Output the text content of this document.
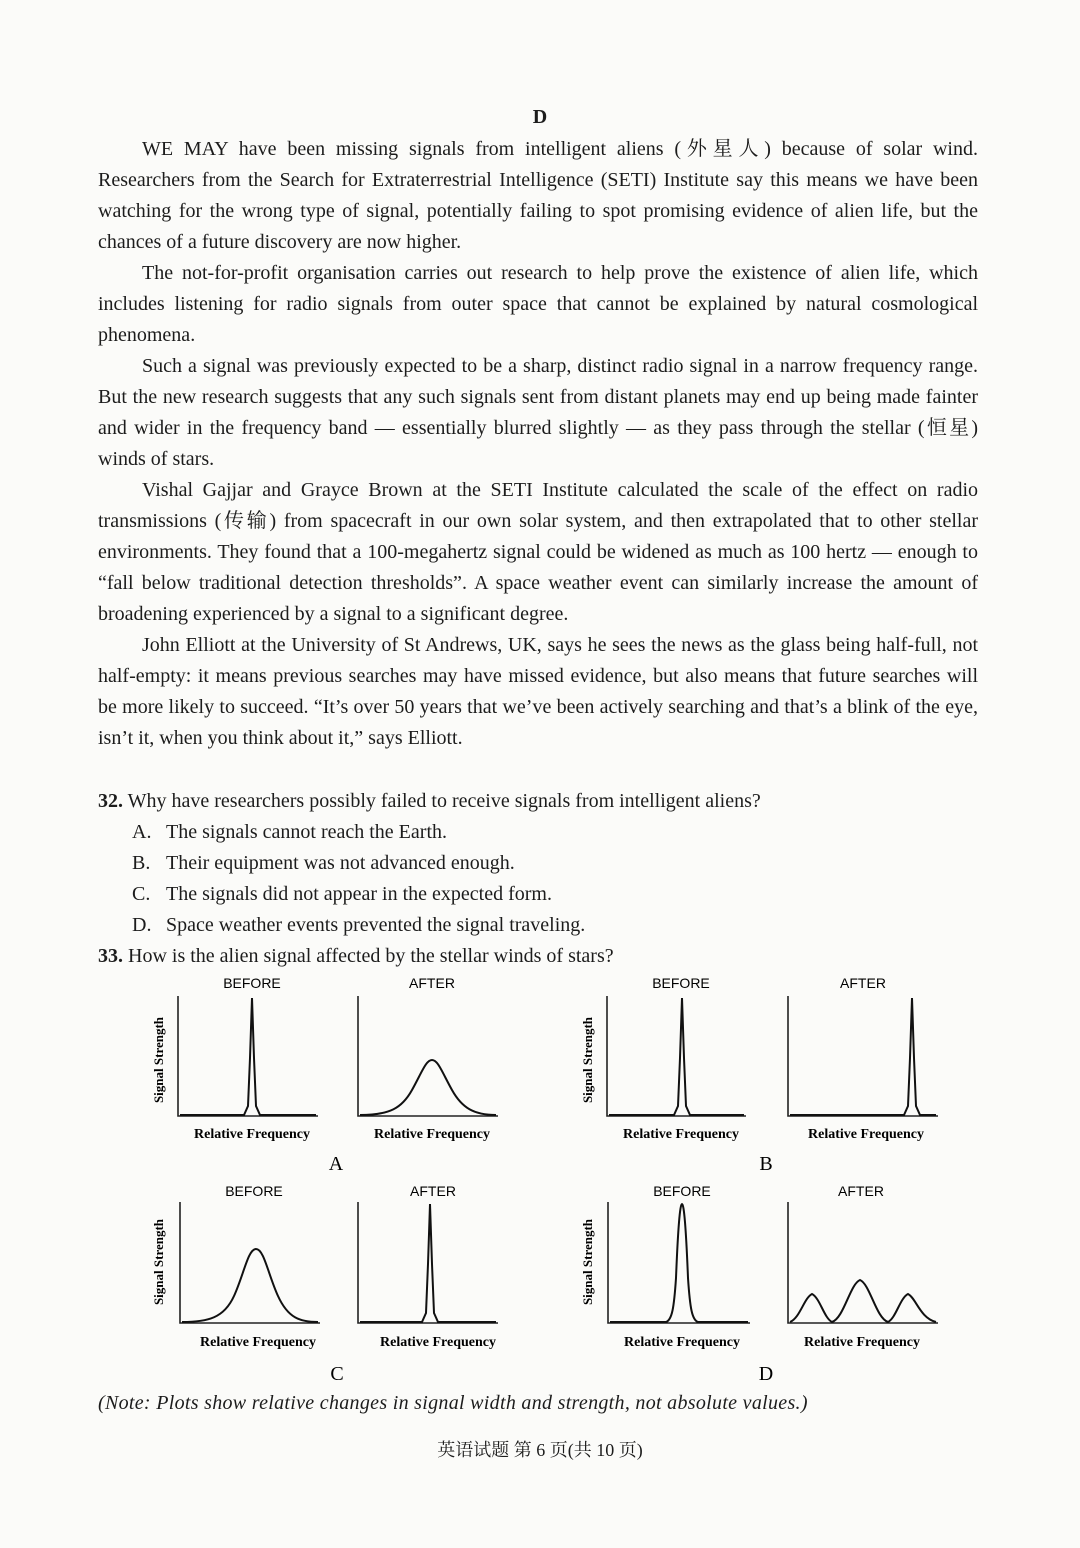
D

WE MAY have been missing signals from intelligent aliens (外星人) because of solar wind. Researchers from the Search for Extraterrestrial Intelligence (SETI) Institute say this means we have been watching for the wrong type of signal, potentially failing to spot promising evidence of alien life, but the chances of a future discovery are now higher.

The not-for-profit organisation carries out research to help prove the existence of alien life, which includes listening for radio signals from outer space that cannot be explained by natural cosmological phenomena.

Such a signal was previously expected to be a sharp, distinct radio signal in a narrow frequency range. But the new research suggests that any such signals sent from distant planets may end up being made fainter and wider in the frequency band — essentially blurred slightly — as they pass through the stellar (恒星) winds of stars.

Vishal Gajjar and Grayce Brown at the SETI Institute calculated the scale of the effect on radio transmissions (传输) from spacecraft in our own solar system, and then extrapolated that to other stellar environments. They found that a 100-megahertz signal could be widened as much as 100 hertz — enough to “fall below traditional detection thresholds”. A space weather event can similarly increase the amount of broadening experienced by a signal to a significant degree.

John Elliott at the University of St Andrews, UK, says he sees the news as the glass being half-full, not half-empty: it means previous searches may have missed evidence, but also means that future searches will be more likely to succeed. “It’s over 50 years that we’ve been actively searching and that’s a blink of the eye, isn’t it, when you think about it,” says Elliott.

32. Why have researchers possibly failed to receive signals from intelligent aliens?

A. The signals cannot reach the Earth.

B. Their equipment was not advanced enough.

C. The signals did not appear in the expected form.

D. Space weather events prevented the signal traveling.

33. How is the alien signal affected by the stellar winds of stars?

BEFORE	AFTER
Signal Strength
Relative Frequency	Relative Frequency
A
BEFORE	AFTER
Signal Strength
Relative Frequency	Relative Frequency
B
BEFORE	AFTER
Signal Strength
Relative Frequency	Relative Frequency
C
BEFORE	AFTER
Signal Strength
Relative Frequency	Relative Frequency
D
(Note: Plots show relative changes in signal width and strength, not absolute values.)
英语试题 第 6 页(共 10 页)
